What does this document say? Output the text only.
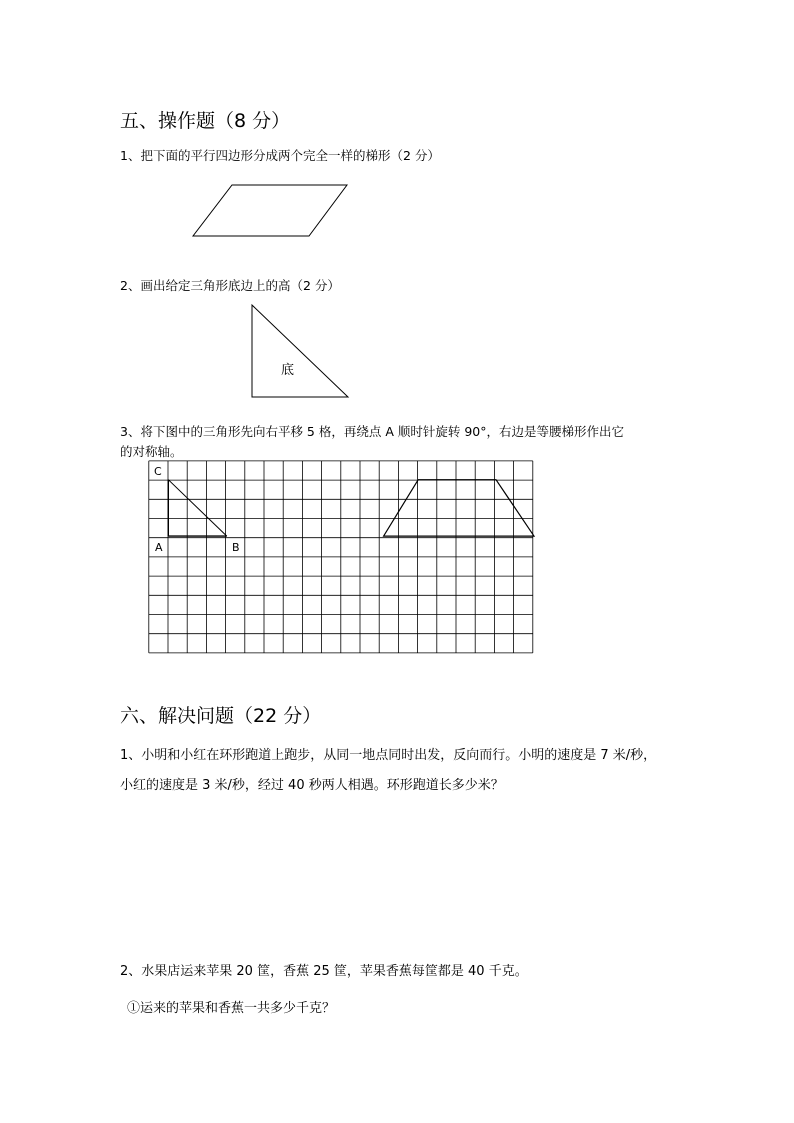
五、操作题（8 分）
1、把下面的平行四边形分成两个完全一样的梯形（2 分）
底
C
A	B
2、画出给定三角形底边上的高（2 分）
3、将下图中的三角形先向右平移 5 格，再绕点 A 顺时针旋转 90°，右边是等腰梯形作出它
的对称轴。
六、解决问题（22 分）
1、小明和小红在环形跑道上跑步，从同一地点同时出发，反向而行。小明的速度是 7 米/秒，
小红的速度是 3 米/秒，经过 40 秒两人相遇。环形跑道长多少米？
2、水果店运来苹果 20 筐，香蕉 25 筐，苹果香蕉每筐都是 40 千克。
①运来的苹果和香蕉一共多少千克？
